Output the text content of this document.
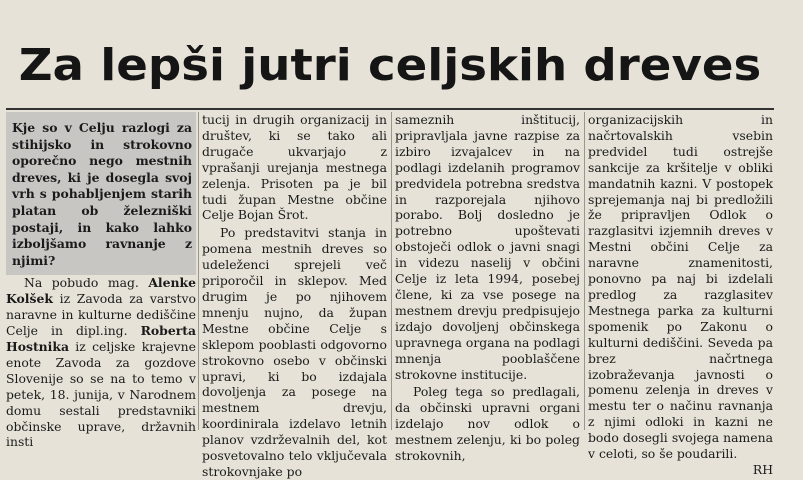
Za lepši jutri celjskih dreves

Kje so v Celju razlogi za stihijsko in strokovno oporečno nego mestnih dreves, ki je dosegla svoj vrh s pohabljenjem starih platan ob železniški postaji, in kako lahko izboljšamo ravnanje z njimi?

Na pobudo mag. Alenke Kolšek iz Zavoda za varstvo naravne in kulturne dediščine Celje in dipl.ing. Roberta Hostnika iz celjske krajevne enote Zavoda za gozdove Slovenije so se na to temo v petek, 18. junija, v Narodnem domu sestali predstavniki občinske uprave, državnih insti

tucij in drugih organizacij in društev, ki se tako ali drugače ukvarjajo z vprašanji urejanja mestnega zelenja. Prisoten pa je bil tudi župan Mestne občine Celje Bojan Šrot.

Po predstavitvi stanja in pomena mestnih dreves so udeleženci sprejeli več priporočil in sklepov. Med drugim je po njihovem mnenju nujno, da župan Mestne občine Celje s sklepom pooblasti odgovorno strokovno osebo v občinski upravi, ki bo izdajala dovoljenja za posege na mestnem drevju, koordinirala izdelavo letnih planov vzdrževalnih del, kot posvetovalno telo vključevala strokovnjake po

sameznih inštitucij, pripravljala javne razpise za izbiro izvajalcev in na podlagi izdelanih programov predvidela potrebna sredstva in razporejala njihovo porabo. Bolj dosledno je potrebno upoštevati obstoječi odlok o javni snagi in videzu naselij v občini Celje iz leta 1994, posebej člene, ki za vse posege na mestnem drevju predpisujejo izdajo dovoljenj občinskega upravnega organa na podlagi mnenja pooblaščene strokovne institucije.

Poleg tega so predlagali, da občinski upravni organi izdelajo nov odlok o mestnem zelenju, ki bo poleg strokovnih,

organizacijskih in načrtovalskih vsebin predvidel tudi ostrejše sankcije za kršitelje v obliki mandatnih kazni. V postopek sprejemanja naj bi predložili že pripravljen Odlok o razglasitvi izjemnih dreves v Mestni občini Celje za naravne znamenitosti, ponovno pa naj bi izdelali predlog za razglasitev Mestnega parka za kulturni spomenik po Zakonu o kulturni dediščini. Seveda pa brez načrtnega izobraževanja javnosti o pomenu zelenja in dreves v mestu ter o načinu ravnanja z njimi odloki in kazni ne bodo dosegli svojega namena v celoti, so še poudarili.

RH
